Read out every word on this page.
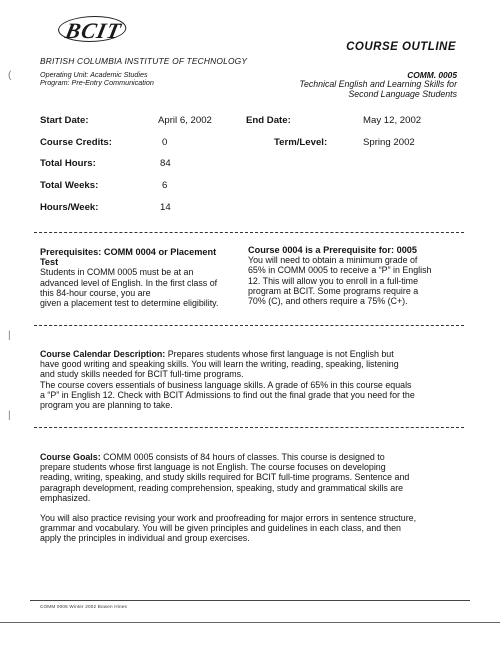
BCIT
BRITISH COLUMBIA INSTITUTE OF TECHNOLOGY
Operating Unit: Academic Studies
Program: Pre-Entry Communication
COURSE OUTLINE
COMM. 0005
Technical English and Learning Skills for
Second Language Students
Start Date:	April 6, 2002	End Date:	May 12, 2002
Course Credits:	0	Term/Level:	Spring 2002
Total Hours:	84
Total Weeks:	6
Hours/Week:	14
Prerequisites: COMM 0004 or Placement
Test
Students in COMM 0005 must be at an
advanced level of English. In the first class of
this 84-hour course, you are
given a placement test to determine eligibility.
Course 0004 is a Prerequisite for: 0005
You will need to obtain a minimum grade of
65% in COMM 0005 to receive a “P” in English
12. This will allow you to enroll in a full-time
program at BCIT. Some programs require a
70% (C), and others require a 75% (C+).
Course Calendar Description: Prepares students whose first language is not English but
have good writing and speaking skills. You will learn the writing, reading, speaking, listening
and study skills needed for BCIT full-time programs.
The course covers essentials of business language skills. A grade of 65% in this course equals
a “P” in English 12. Check with BCIT Admissions to find out the final grade that you need for the
program you are planning to take.
Course Goals: COMM 0005 consists of 84 hours of classes. This course is designed to
prepare students whose first language is not English. The course focuses on developing
reading, writing, speaking, and study skills required for BCIT full-time programs. Sentence and
paragraph development, reading comprehension, speaking, study and grammatical skills are
emphasized.
You will also practice revising your work and proofreading for major errors in sentence structure,
grammar and vocabulary. You will be given principles and guidelines in each class, and then
apply the principles in individual and group exercises.
COMM 0005 Winter 2002 Bowen Hines
(
|
|
